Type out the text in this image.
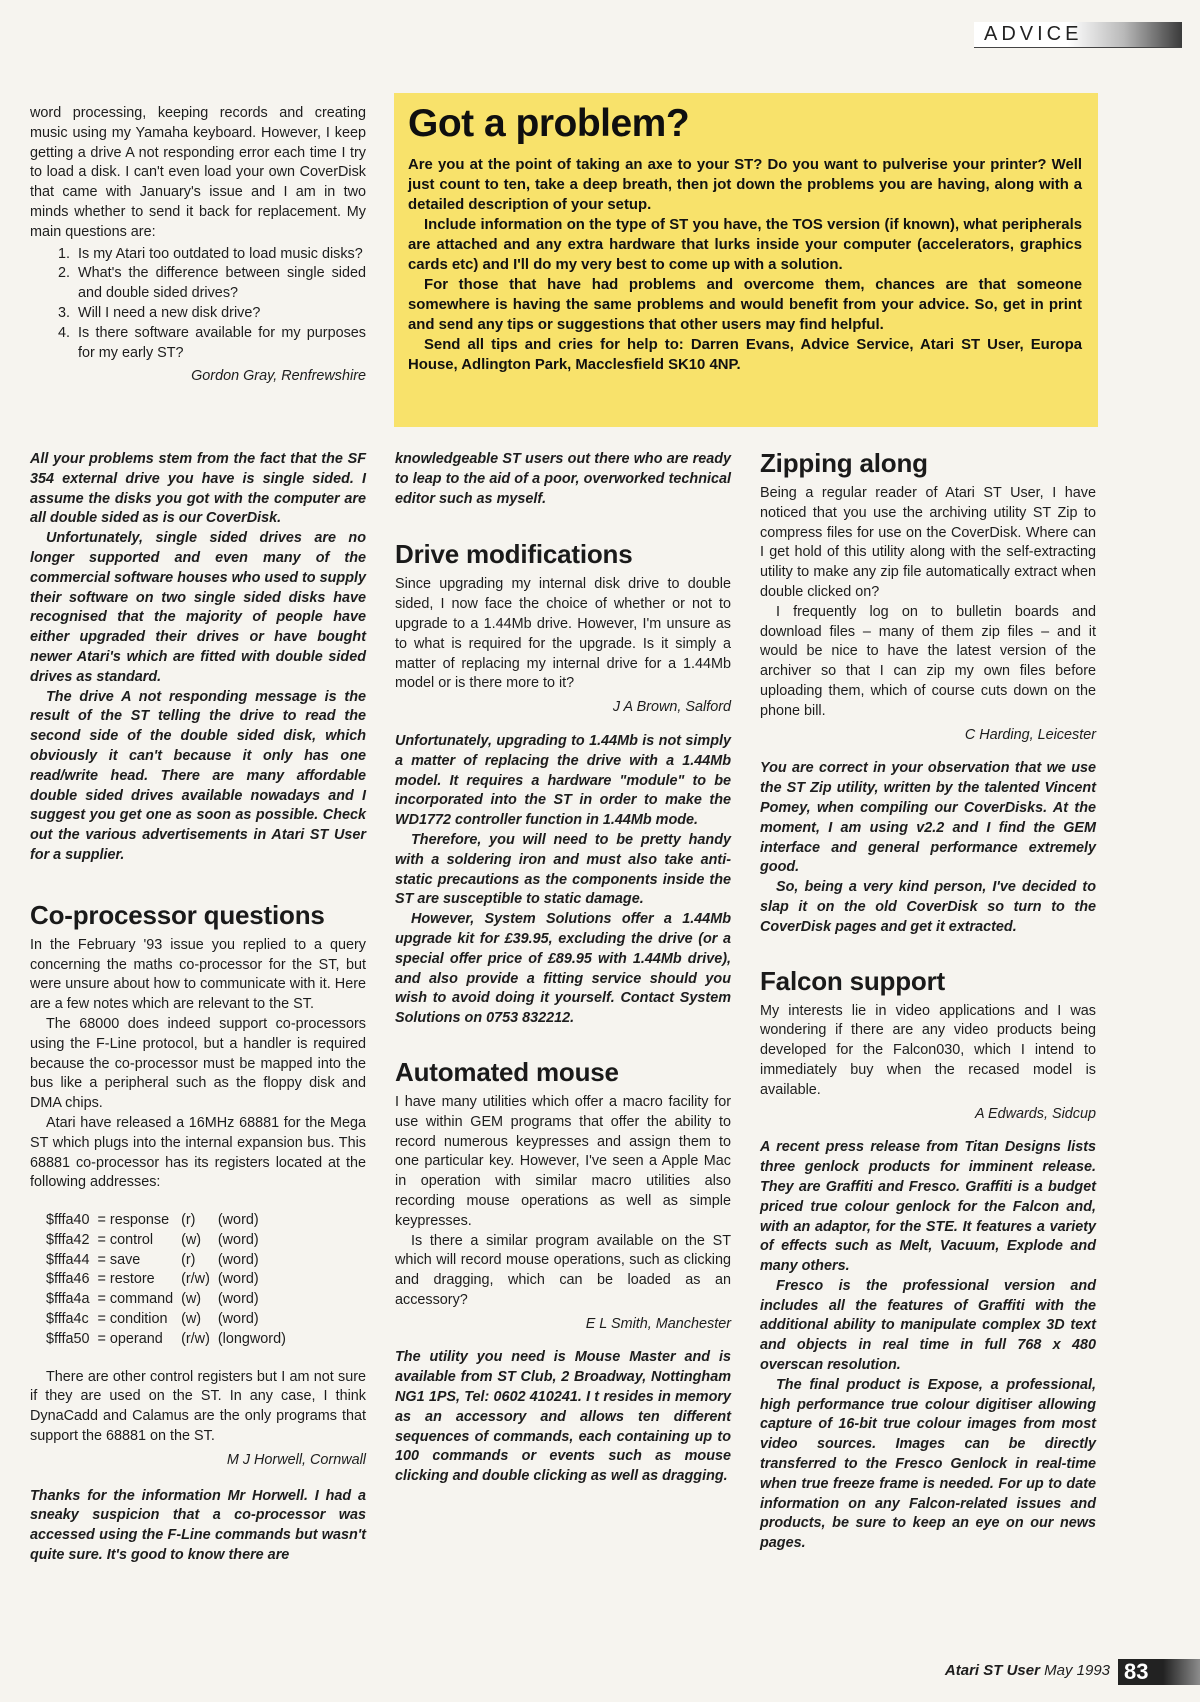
ADVICE

word processing, keeping records and creating music using my Yamaha keyboard. However, I keep getting a drive A not responding error each time I try to load a disk. I can't even load your own CoverDisk that came with January's issue and I am in two minds whether to send it back for replacement. My main questions are:

1. Is my Atari too outdated to load music disks?
2. What's the difference between single sided and double sided drives?
3. Will I need a new disk drive?
4. Is there software available for my purposes for my early ST?
Gordon Gray, Renfrewshire
Got a problem?

Are you at the point of taking an axe to your ST? Do you want to pulverise your printer? Well just count to ten, take a deep breath, then jot down the problems you are having, along with a detailed description of your setup.

Include information on the type of ST you have, the TOS version (if known), what peripherals are attached and any extra hardware that lurks inside your computer (accelerators, graphics cards etc) and I'll do my very best to come up with a solution.

For those that have had problems and overcome them, chances are that someone somewhere is having the same problems and would benefit from your advice. So, get in print and send any tips or suggestions that other users may find helpful.

Send all tips and cries for help to: Darren Evans, Advice Service, Atari ST User, Europa House, Adlington Park, Macclesfield SK10 4NP.

All your problems stem from the fact that the SF 354 external drive you have is single sided. I assume the disks you got with the computer are all double sided as is our CoverDisk.

Unfortunately, single sided drives are no longer supported and even many of the commercial software houses who used to supply their software on two single sided disks have recognised that the majority of people have either upgraded their drives or have bought newer Atari's which are fitted with double sided drives as standard.

The drive A not responding message is the result of the ST telling the drive to read the second side of the double sided disk, which obviously it can't because it only has one read/write head. There are many affordable double sided drives available nowadays and I suggest you get one as soon as possible. Check out the various advertisements in Atari ST User for a supplier.

Co-processor questions

In the February '93 issue you replied to a query concerning the maths co-processor for the ST, but were unsure about how to communicate with it. Here are a few notes which are relevant to the ST.

The 68000 does indeed support co-processors using the F-Line protocol, but a handler is required because the co-processor must be mapped into the bus like a peripheral such as the floppy disk and DMA chips.

Atari have released a 16MHz 68881 for the Mega ST which plugs into the internal expansion bus. This 68881 co-processor has its registers located at the following addresses:

$fffa40	= response	(r)	(word)
$fffa42	= control	(w)	(word)
$fffa44	= save	(r)	(word)
$fffa46	= restore	(r/w)	(word)
$fffa4a	= command	(w)	(word)
$fffa4c	= condition	(w)	(word)
$fffa50	= operand	(r/w)	(longword)

There are other control registers but I am not sure if they are used on the ST. In any case, I think DynaCadd and Calamus are the only programs that support the 68881 on the ST.

M J Horwell, Cornwall

Thanks for the information Mr Horwell. I had a sneaky suspicion that a co-processor was accessed using the F-Line commands but wasn't quite sure. It's good to know there are

knowledgeable ST users out there who are ready to leap to the aid of a poor, overworked technical editor such as myself.

Drive modifications

Since upgrading my internal disk drive to double sided, I now face the choice of whether or not to upgrade to a 1.44Mb drive. However, I'm unsure as to what is required for the upgrade. Is it simply a matter of replacing my internal drive for a 1.44Mb model or is there more to it?

J A Brown, Salford

Unfortunately, upgrading to 1.44Mb is not simply a matter of replacing the drive with a 1.44Mb model. It requires a hardware "module" to be incorporated into the ST in order to make the WD1772 controller function in 1.44Mb mode.

Therefore, you will need to be pretty handy with a soldering iron and must also take anti-static precautions as the components inside the ST are susceptible to static damage.

However, System Solutions offer a 1.44Mb upgrade kit for £39.95, excluding the drive (or a special offer price of £89.95 with 1.44Mb drive), and also provide a fitting service should you wish to avoid doing it yourself. Contact System Solutions on 0753 832212.

Automated mouse

I have many utilities which offer a macro facility for use within GEM programs that offer the ability to record numerous keypresses and assign them to one particular key. However, I've seen a Apple Mac in operation with similar macro utilities also recording mouse operations as well as simple keypresses.

Is there a similar program available on the ST which will record mouse operations, such as clicking and dragging, which can be loaded as an accessory?

E L Smith, Manchester

The utility you need is Mouse Master and is available from ST Club, 2 Broadway, Nottingham NG1 1PS, Tel: 0602 410241. I t resides in memory as an accessory and allows ten different sequences of commands, each containing up to 100 commands or events such as mouse clicking and double clicking as well as dragging.

Zipping along

Being a regular reader of Atari ST User, I have noticed that you use the archiving utility ST Zip to compress files for use on the CoverDisk. Where can I get hold of this utility along with the self-extracting utility to make any zip file automatically extract when double clicked on?

I frequently log on to bulletin boards and download files – many of them zip files – and it would be nice to have the latest version of the archiver so that I can zip my own files before uploading them, which of course cuts down on the phone bill.

C Harding, Leicester

You are correct in your observation that we use the ST Zip utility, written by the talented Vincent Pomey, when compiling our CoverDisks. At the moment, I am using v2.2 and I find the GEM interface and general performance extremely good.

So, being a very kind person, I've decided to slap it on the old CoverDisk so turn to the CoverDisk pages and get it extracted.

Falcon support

My interests lie in video applications and I was wondering if there are any video products being developed for the Falcon030, which I intend to immediately buy when the recased model is available.

A Edwards, Sidcup

A recent press release from Titan Designs lists three genlock products for imminent release. They are Graffiti and Fresco. Graffiti is a budget priced true colour genlock for the Falcon and, with an adaptor, for the STE. It features a variety of effects such as Melt, Vacuum, Explode and many others.

Fresco is the professional version and includes all the features of Graffiti with the additional ability to manipulate complex 3D text and objects in real time in full 768 x 480 overscan resolution.

The final product is Expose, a professional, high performance true colour digitiser allowing capture of 16-bit true colour images from most video sources. Images can be directly transferred to the Fresco Genlock in real-time when true freeze frame is needed. For up to date information on any Falcon-related issues and products, be sure to keep an eye on our news pages.

Atari ST User May 1993 83
